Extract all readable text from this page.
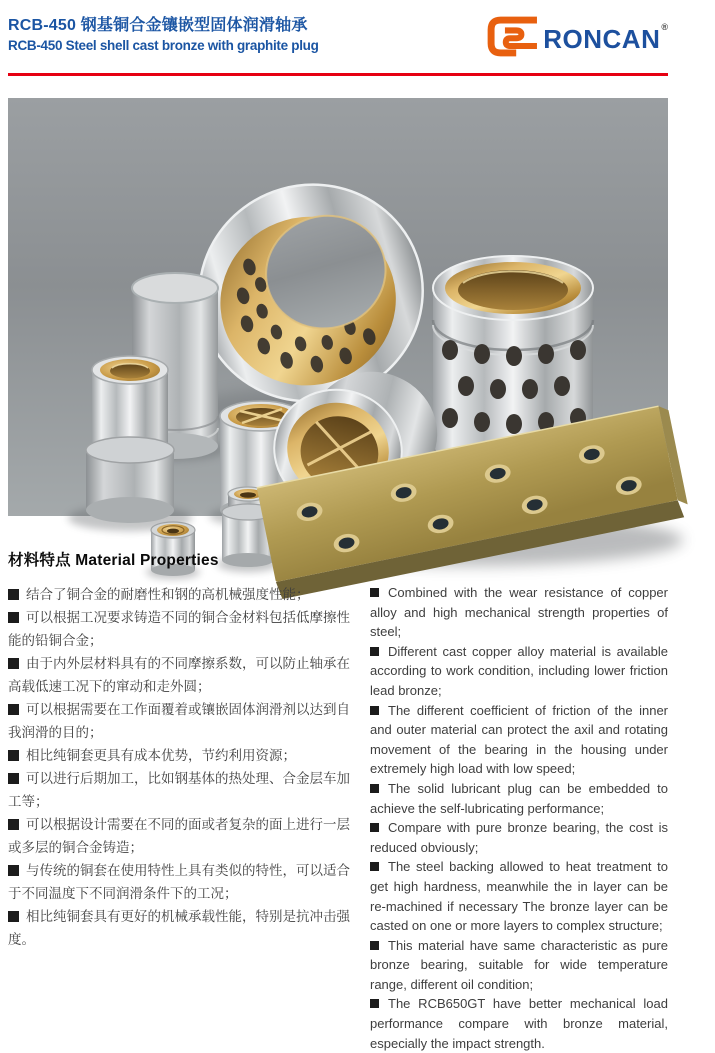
RCB-450 钢基铜合金镶嵌型固体润滑轴承
RCB-450 Steel shell cast bronze with graphite plug	RONCAN ®
材料特点 Material Properties

结合了铜合金的耐磨性和钢的高机械强度性能；

可以根据工况要求铸造不同的铜合金材料包括低摩擦性能的铅铜合金；

由于内外层材料具有的不同摩擦系数，可以防止轴承在高载低速工况下的窜动和走外圆；

可以根据需要在工作面覆着或镶嵌固体润滑剂以达到自 我润滑的目的；

相比纯铜套更具有成本优势，节约利用资源；

可以进行后期加工，比如钢基体的热处理、合金层车加 工等；

可以根据设计需要在不同的面或者复杂的面上进行一层 或多层的铜合金铸造；

与传统的铜套在使用特性上具有类似的特性，可以适合 于不同温度下不同润滑条件下的工况；

相比纯铜套具有更好的机械承载性能，特别是抗冲击强度。

Combined with the wear resistance of copper alloy and high mechanical strength properties of steel;

Different cast copper alloy material is available according to work condition, including lower friction lead bronze;

The different coefficient of friction of the inner and outer material can protect the axil and rotating movement of the bearing in the housing under extremely high load with low speed;

The solid lubricant plug can be embedded to achieve the self-lubricating performance;

Compare with pure bronze bearing, the cost is reduced obviously;

The steel backing allowed to heat treatment to get high hardness, meanwhile the in layer can be re-machined if necessary The bronze layer can be casted on one or more layers to complex structure;

This material have same characteristic as pure bronze bearing, suitable for wide temperature range, different oil condition;

The RCB650GT have better mechanical load performance compare with bronze material, especially the impact strength.
